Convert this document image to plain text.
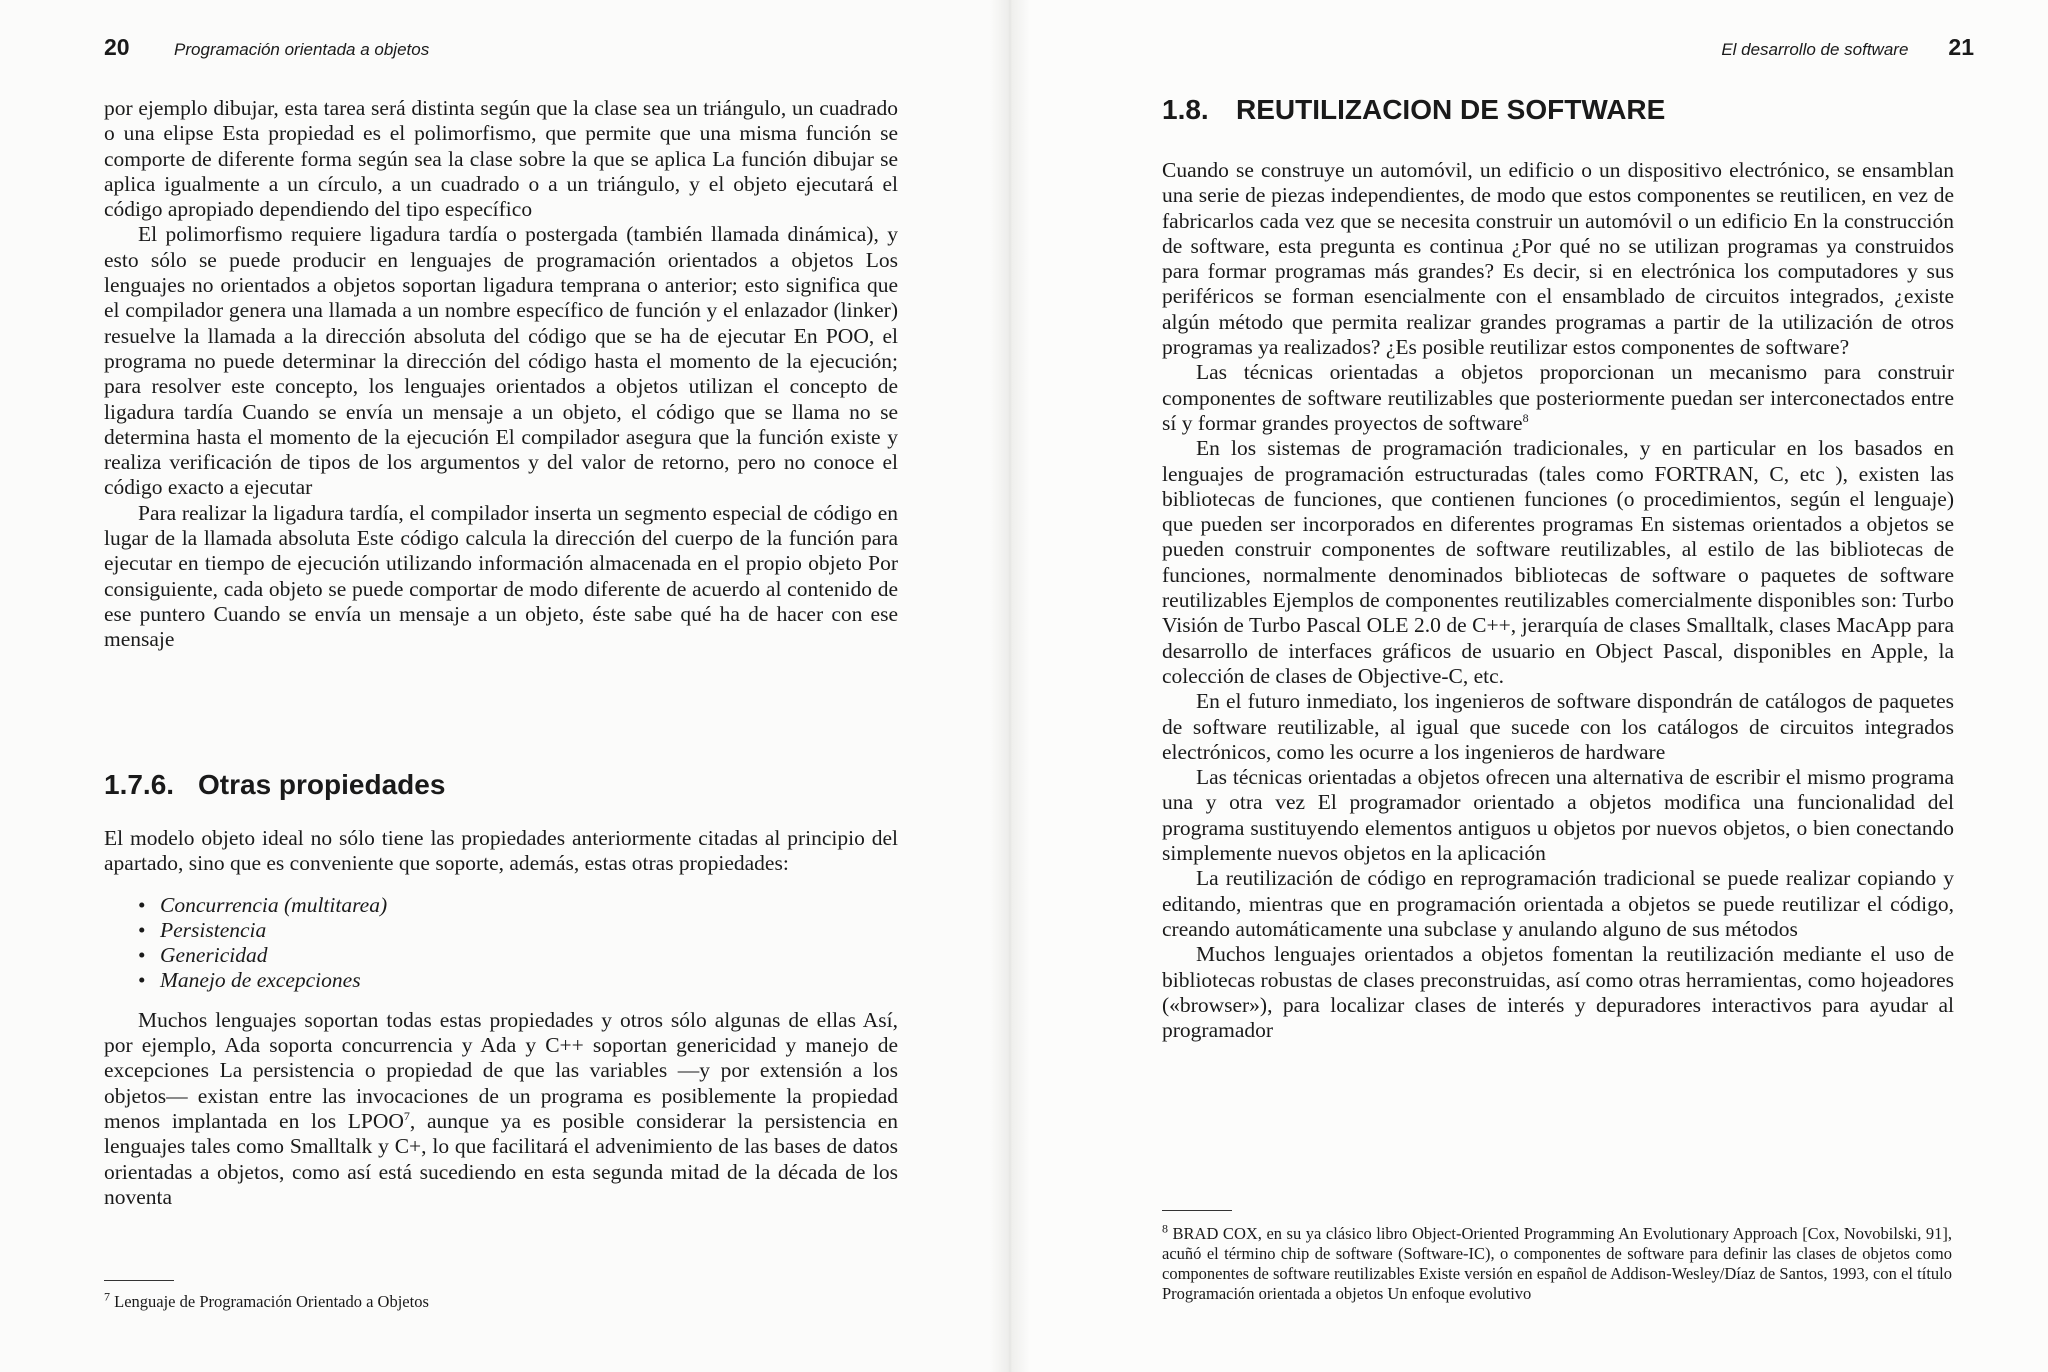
20	Programación orientada a objetos

por ejemplo dibujar, esta tarea será distinta según que la clase sea un triángulo, un cuadrado o una elipse Esta propiedad es el polimorfismo, que permite que una misma función se comporte de diferente forma según sea la clase sobre la que se aplica La función dibujar se aplica igualmente a un círculo, a un cuadrado o a un triángulo, y el objeto ejecutará el código apropiado dependiendo del tipo específico

El polimorfismo requiere ligadura tardía o postergada (también llamada dinámica), y esto sólo se puede producir en lenguajes de programación orientados a objetos Los lenguajes no orientados a objetos soportan ligadura temprana o anterior; esto significa que el compilador genera una llamada a un nombre específico de función y el enlazador (linker) resuelve la llamada a la dirección absoluta del código que se ha de ejecutar En POO, el programa no puede determinar la dirección del código hasta el momento de la ejecución; para resolver este concepto, los lenguajes orientados a objetos utilizan el concepto de ligadura tardía Cuando se envía un mensaje a un objeto, el código que se llama no se determina hasta el momento de la ejecución El compilador asegura que la función existe y realiza verificación de tipos de los argumentos y del valor de retorno, pero no conoce el código exacto a ejecutar

Para realizar la ligadura tardía, el compilador inserta un segmento especial de código en lugar de la llamada absoluta Este código calcula la dirección del cuerpo de la función para ejecutar en tiempo de ejecución utilizando información almacenada en el propio objeto Por consiguiente, cada objeto se puede comportar de modo diferente de acuerdo al contenido de ese puntero Cuando se envía un mensaje a un objeto, éste sabe qué ha de hacer con ese mensaje

1.7.6. Otras propiedades

El modelo objeto ideal no sólo tiene las propiedades anteriormente citadas al principio del apartado, sino que es conveniente que soporte, además, estas otras propiedades:

• Concurrencia (multitarea)
• Persistencia
• Genericidad
• Manejo de excepciones

Muchos lenguajes soportan todas estas propiedades y otros sólo algunas de ellas Así, por ejemplo, Ada soporta concurrencia y Ada y C++ soportan genericidad y manejo de excepciones La persistencia o propiedad de que las variables —y por extensión a los objetos— existan entre las invocaciones de un programa es posiblemente la propiedad menos implantada en los LPOO$^7$, aunque ya es posible considerar la persistencia en lenguajes tales como Smalltalk y C+, lo que facilitará el advenimiento de las bases de datos orientadas a objetos, como así está sucediendo en esta segunda mitad de la década de los noventa

$^7$ Lenguaje de Programación Orientado a Objetos
El desarrollo de software 21
1.8. REUTILIZACION DE SOFTWARE

Cuando se construye un automóvil, un edificio o un dispositivo electrónico, se ensamblan una serie de piezas independientes, de modo que estos componentes se reutilicen, en vez de fabricarlos cada vez que se necesita construir un automóvil o un edificio En la construcción de software, esta pregunta es continua ¿Por qué no se utilizan programas ya construidos para formar programas más grandes? Es decir, si en electrónica los computadores y sus periféricos se forman esencialmente con el ensamblado de circuitos integrados, ¿existe algún método que permita realizar grandes programas a partir de la utilización de otros programas ya realizados? ¿Es posible reutilizar estos componentes de software?

Las técnicas orientadas a objetos proporcionan un mecanismo para construir componentes de software reutilizables que posteriormente puedan ser interconectados entre sí y formar grandes proyectos de software$^8$

En los sistemas de programación tradicionales, y en particular en los basados en lenguajes de programación estructuradas (tales como FORTRAN, C, etc ), existen las bibliotecas de funciones, que contienen funciones (o procedimientos, según el lenguaje) que pueden ser incorporados en diferentes programas En sistemas orientados a objetos se pueden construir componentes de software reutilizables, al estilo de las bibliotecas de funciones, normalmente denominados bibliotecas de software o paquetes de software reutilizables Ejemplos de componentes reutilizables comercialmente disponibles son: Turbo Visión de Turbo Pascal OLE 2.0 de C++, jerarquía de clases Smalltalk, clases MacApp para desarrollo de interfaces gráficos de usuario en Object Pascal, disponibles en Apple, la colección de clases de Objective-C, etc.

En el futuro inmediato, los ingenieros de software dispondrán de catálogos de paquetes de software reutilizable, al igual que sucede con los catálogos de circuitos integrados electrónicos, como les ocurre a los ingenieros de hardware

Las técnicas orientadas a objetos ofrecen una alternativa de escribir el mismo programa una y otra vez El programador orientado a objetos modifica una funcionalidad del programa sustituyendo elementos antiguos u objetos por nuevos objetos, o bien conectando simplemente nuevos objetos en la aplicación

La reutilización de código en reprogramación tradicional se puede realizar copiando y editando, mientras que en programación orientada a objetos se puede reutilizar el código, creando automáticamente una subclase y anulando alguno de sus métodos

Muchos lenguajes orientados a objetos fomentan la reutilización mediante el uso de bibliotecas robustas de clases preconstruidas, así como otras herramientas, como hojeadores («browser»), para localizar clases de interés y depuradores interactivos para ayudar al programador

$^8$ BRAD COX, en su ya clásico libro Object-Oriented Programming An Evolutionary Approach [Cox, Novobilski, 91], acuñó el término chip de software (Software-IC), o componentes de software para definir las clases de objetos como componentes de software reutilizables Existe versión en español de Addison-Wesley/Díaz de Santos, 1993, con el título Programación orientada a objetos Un enfoque evolutivo
